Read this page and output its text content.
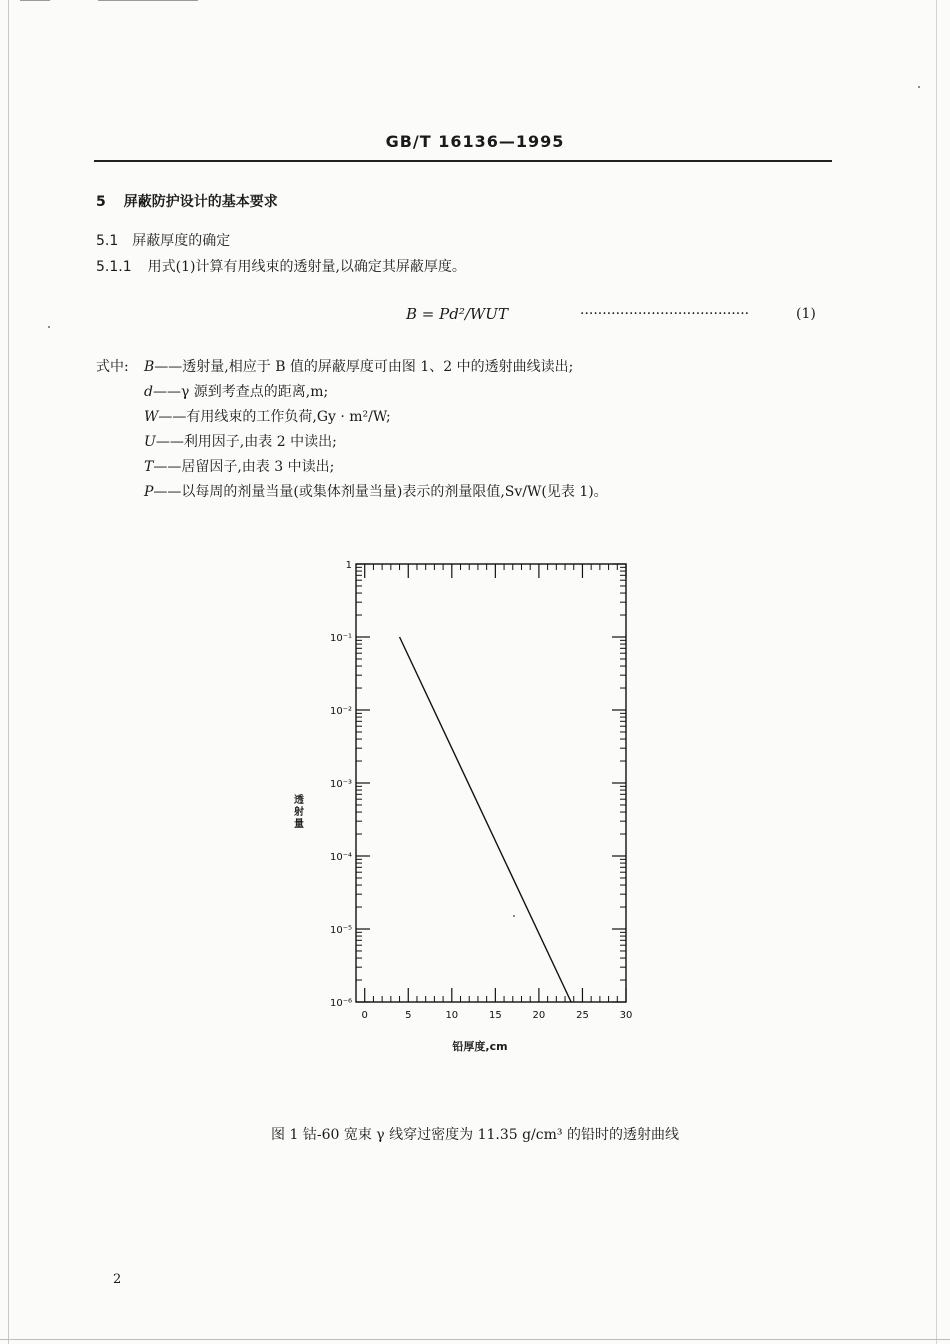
GB/T 16136—1995
5 屏蔽防护设计的基本要求
5.1 屏蔽厚度的确定
5.1.1 用式(1)计算有用线束的透射量,以确定其屏蔽厚度。
B = Pd²/WUT	······································	(1)
式中: B——透射量,相应于 B 值的屏蔽厚度可由图 1、2 中的透射曲线读出;
d——γ 源到考查点的距离,m;
W——有用线束的工作负荷,Gy · m²/W;
U——利用因子,由表 2 中读出;
T——居留因子,由表 3 中读出;
P——以每周的剂量当量(或集体剂量当量)表示的剂量限值,Sv/W(见表 1)。
1
10⁻¹
10⁻²
10⁻³
10⁻⁴
10⁻⁵
10⁻⁶
0	5	10	15	20	25	30
透射量
铅厚度,cm
图 1 钴-60 宽束 γ 线穿过密度为 11.35 g/cm³ 的铅时的透射曲线
2
